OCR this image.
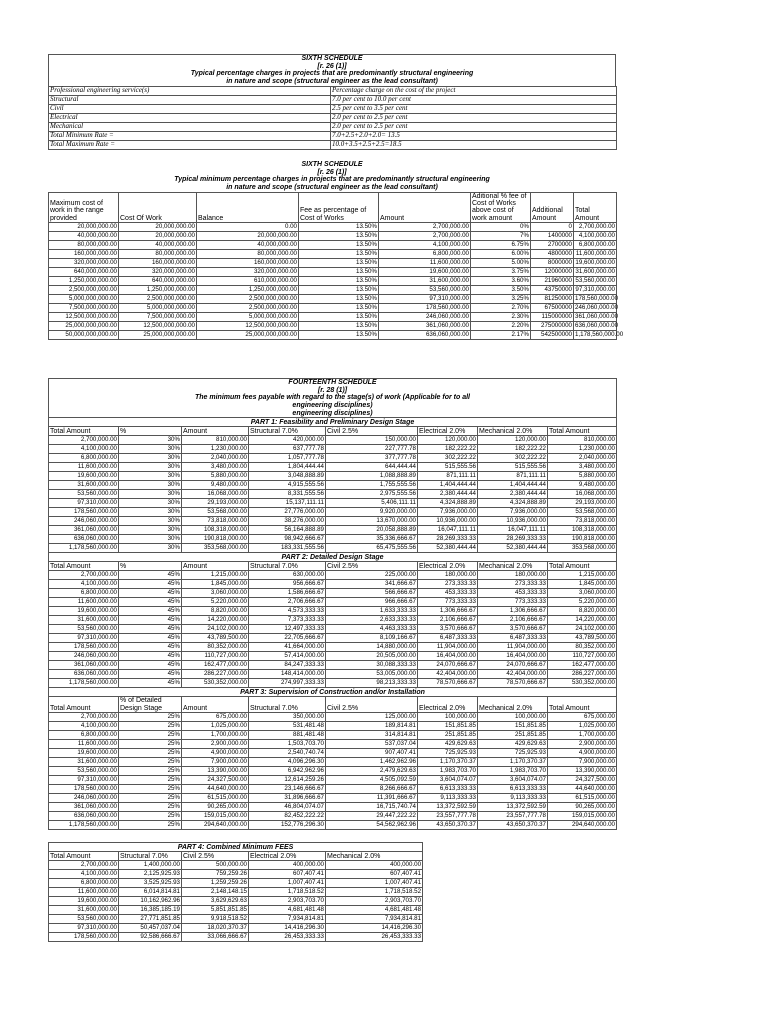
SIXTH SCHEDULE
[r. 26 (1)]
Typical percentage charges in projects that are predominantly structural engineering
in nature and scope (structural engineer as the lead consultant)
Professional engineering service(s)	Percentage charge on the cost of the project
Structural	7.0 per cent to 10.0 per cent
Civil	2.5 per cent to 3.5 per cent
Electrical	2.0 per cent to 2.5 per cent
Mechanical	2.0 per cent to 2.5 per cent
Total Minimum Rate =	7.0+2.5+2.0+2.0= 13.5
Total Maximum Rate =	10.0+3.5+2.5+2.5=18.5
SIXTH SCHEDULE
[r. 26 (1)]
Typical minimum percentage charges in projects that are predominantly structural engineering
in nature and scope (structural engineer as the lead consultant)
Maximum cost of work in the range provided	Cost Of Work	Balance	Fee as percentage of Cost of Works	Amount	Aditional % fee of Cost of Works above cost of work amount	Additional Amount	Total Amount
20,000,000.00	20,000,000.00	0.00	13.50%	2,700,000.00	0%	0	2,700,000.00
40,000,000.00	20,000,000.00	20,000,000.00	13.50%	2,700,000.00	7%	1400000	4,100,000.00
80,000,000.00	40,000,000.00	40,000,000.00	13.50%	4,100,000.00	6.75%	2700000	6,800,000.00
160,000,000.00	80,000,000.00	80,000,000.00	13.50%	6,800,000.00	6.00%	4800000	11,600,000.00
320,000,000.00	160,000,000.00	160,000,000.00	13.50%	11,600,000.00	5.00%	8000000	19,600,000.00
640,000,000.00	320,000,000.00	320,000,000.00	13.50%	19,600,000.00	3.75%	12000000	31,600,000.00
1,250,000,000.00	640,000,000.00	610,000,000.00	13.50%	31,600,000.00	3.60%	21960000	53,560,000.00
2,500,000,000.00	1,250,000,000.00	1,250,000,000.00	13.50%	53,560,000.00	3.50%	43750000	97,310,000.00
5,000,000,000.00	2,500,000,000.00	2,500,000,000.00	13.50%	97,310,000.00	3.25%	81250000	178,560,000.00
7,500,000,000.00	5,000,000,000.00	2,500,000,000.00	13.50%	178,560,000.00	2.70%	67500000	246,060,000.00
12,500,000,000.00	7,500,000,000.00	5,000,000,000.00	13.50%	246,060,000.00	2.30%	115000000	361,060,000.00
25,000,000,000.00	12,500,000,000.00	12,500,000,000.00	13.50%	361,060,000.00	2.20%	275000000	636,060,000.00
50,000,000,000.00	25,000,000,000.00	25,000,000,000.00	13.50%	636,060,000.00	2.17%	542500000	1,178,560,000.00
FOURTEENTH SCHEDULE
[r. 28 (1)]
The minimum fees payable with regard to the stage(s) of work (Applicable for to all
engineering disciplines)
engineering disciplines)							

PART 1: Feasibility and Preliminary Design Stage							
Total Amount	%	Amount	Structural 7.0%	Civil 2.5%	Electrical 2.0%	Mechanical 2.0%	Total Amount
2,700,000.00	30%	810,000.00	420,000.00	150,000.00	120,000.00	120,000.00	810,000.00
4,100,000.00	30%	1,230,000.00	637,777.78	227,777.78	182,222.22	182,222.22	1,230,000.00
6,800,000.00	30%	2,040,000.00	1,057,777.78	377,777.78	302,222.22	302,222.22	2,040,000.00
11,600,000.00	30%	3,480,000.00	1,804,444.44	644,444.44	515,555.56	515,555.56	3,480,000.00
19,600,000.00	30%	5,880,000.00	3,048,888.89	1,088,888.89	871,111.11	871,111.11	5,880,000.00
31,600,000.00	30%	9,480,000.00	4,915,555.56	1,755,555.56	1,404,444.44	1,404,444.44	9,480,000.00
53,560,000.00	30%	16,068,000.00	8,331,555.56	2,975,555.56	2,380,444.44	2,380,444.44	16,068,000.00
97,310,000.00	30%	29,193,000.00	15,137,111.11	5,406,111.11	4,324,888.89	4,324,888.89	29,193,000.00
178,560,000.00	30%	53,568,000.00	27,776,000.00	9,920,000.00	7,936,000.00	7,936,000.00	53,568,000.00
246,060,000.00	30%	73,818,000.00	38,276,000.00	13,670,000.00	10,936,000.00	10,936,000.00	73,818,000.00
361,060,000.00	30%	108,318,000.00	56,164,888.89	20,058,888.89	16,047,111.11	16,047,111.11	108,318,000.00
636,060,000.00	30%	190,818,000.00	98,942,666.67	35,336,666.67	28,269,333.33	28,269,333.33	190,818,000.00
1,178,560,000.00	30%	353,568,000.00	183,331,555.56	65,475,555.56	52,380,444.44	52,380,444.44	353,568,000.00
PART 2: Detailed Design Stage							
Total Amount	%	Amount	Structural 7.0%	Civil 2.5%	Electrical 2.0%	Mechanical 2.0%	Total Amount
2,700,000.00	45%	1,215,000.00	630,000.00	225,000.00	180,000.00	180,000.00	1,215,000.00
4,100,000.00	45%	1,845,000.00	956,666.67	341,666.67	273,333.33	273,333.33	1,845,000.00
6,800,000.00	45%	3,060,000.00	1,586,666.67	566,666.67	453,333.33	453,333.33	3,060,000.00
11,600,000.00	45%	5,220,000.00	2,706,666.67	966,666.67	773,333.33	773,333.33	5,220,000.00
19,600,000.00	45%	8,820,000.00	4,573,333.33	1,633,333.33	1,306,666.67	1,306,666.67	8,820,000.00
31,600,000.00	45%	14,220,000.00	7,373,333.33	2,633,333.33	2,106,666.67	2,106,666.67	14,220,000.00
53,560,000.00	45%	24,102,000.00	12,497,333.33	4,463,333.33	3,570,666.67	3,570,666.67	24,102,000.00
97,310,000.00	45%	43,789,500.00	22,705,666.67	8,109,166.67	6,487,333.33	6,487,333.33	43,789,500.00
178,560,000.00	45%	80,352,000.00	41,664,000.00	14,880,000.00	11,904,000.00	11,904,000.00	80,352,000.00
246,060,000.00	45%	110,727,000.00	57,414,000.00	20,505,000.00	16,404,000.00	16,404,000.00	110,727,000.00
361,060,000.00	45%	162,477,000.00	84,247,333.33	30,088,333.33	24,070,666.67	24,070,666.67	162,477,000.00
636,060,000.00	45%	286,227,000.00	148,414,000.00	53,005,000.00	42,404,000.00	42,404,000.00	286,227,000.00
1,178,560,000.00	45%	530,352,000.00	274,997,333.33	98,213,333.33	78,570,666.67	78,570,666.67	530,352,000.00
PART 3: Supervision of Construction and/or Installation							
Total Amount	% of Detailed Design Stage	Amount	Structural 7.0%	Civil 2.5%	Electrical 2.0%	Mechanical 2.0%	Total Amount
2,700,000.00	25%	675,000.00	350,000.00	125,000.00	100,000.00	100,000.00	675,000.00
4,100,000.00	25%	1,025,000.00	531,481.48	189,814.81	151,851.85	151,851.85	1,025,000.00
6,800,000.00	25%	1,700,000.00	881,481.48	314,814.81	251,851.85	251,851.85	1,700,000.00
11,600,000.00	25%	2,900,000.00	1,503,703.70	537,037.04	429,629.63	429,629.63	2,900,000.00
19,600,000.00	25%	4,900,000.00	2,540,740.74	907,407.41	725,925.93	725,925.93	4,900,000.00
31,600,000.00	25%	7,900,000.00	4,096,296.30	1,462,962.96	1,170,370.37	1,170,370.37	7,900,000.00
53,560,000.00	25%	13,390,000.00	6,942,962.96	2,479,629.63	1,983,703.70	1,983,703.70	13,390,000.00
97,310,000.00	25%	24,327,500.00	12,614,259.26	4,505,092.59	3,604,074.07	3,604,074.07	24,327,500.00
178,560,000.00	25%	44,640,000.00	23,146,666.67	8,266,666.67	6,613,333.33	6,613,333.33	44,640,000.00
246,060,000.00	25%	61,515,000.00	31,896,666.67	11,391,666.67	9,113,333.33	9,113,333.33	61,515,000.00
361,060,000.00	25%	90,265,000.00	46,804,074.07	16,715,740.74	13,372,592.59	13,372,592.59	90,265,000.00
636,060,000.00	25%	159,015,000.00	82,452,222.22	29,447,222.22	23,557,777.78	23,557,777.78	159,015,000.00
1,178,560,000.00	25%	294,640,000.00	152,776,296.30	54,562,962.96	43,650,370.37	43,650,370.37	294,640,000.00
PART 4: Combined Minimum FEES				
Total Amount	Structural 7.0%	Civil 2.5%	Electrical 2.0%	Mechanical 2.0%
2,700,000.00	1,400,000.00	500,000.00	400,000.00	400,000.00
4,100,000.00	2,125,925.93	759,259.26	607,407.41	607,407.41
6,800,000.00	3,525,925.93	1,259,259.26	1,007,407.41	1,007,407.41
11,600,000.00	6,014,814.81	2,148,148.15	1,718,518.52	1,718,518.52
19,600,000.00	10,162,962.96	3,629,629.63	2,903,703.70	2,903,703.70
31,600,000.00	16,385,185.19	5,851,851.85	4,681,481.48	4,681,481.48
53,560,000.00	27,771,851.85	9,918,518.52	7,934,814.81	7,934,814.81
97,310,000.00	50,457,037.04	18,020,370.37	14,416,296.30	14,416,296.30
178,560,000.00	92,586,666.67	33,066,666.67	26,453,333.33	26,453,333.33
